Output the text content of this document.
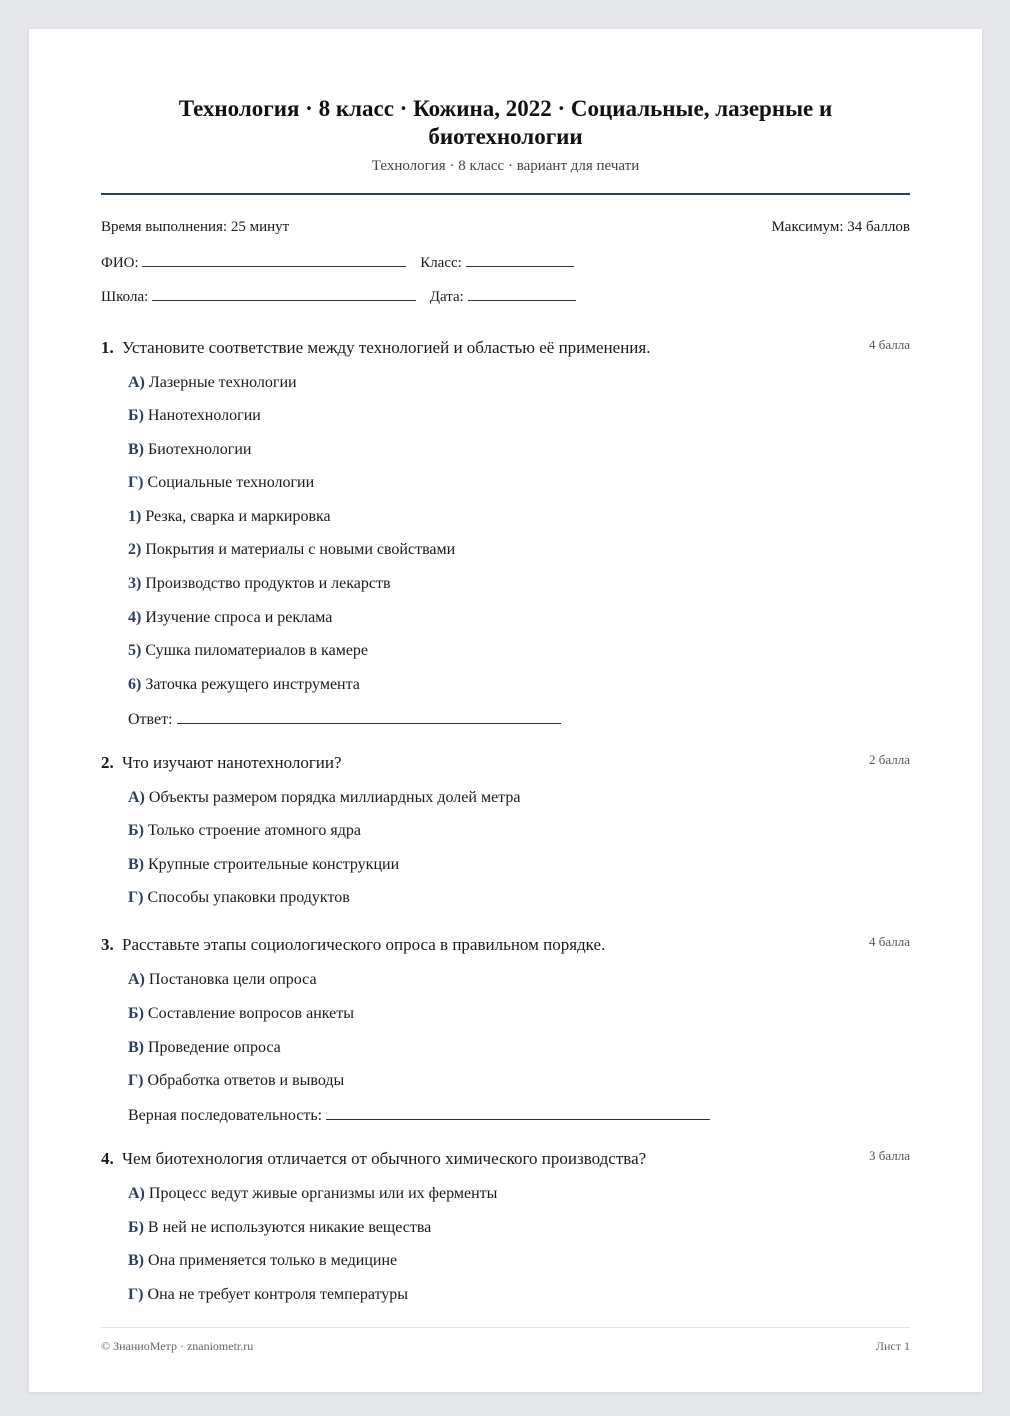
Технология · 8 класс · Кожина, 2022 · Социальные, лазерные и биотехнологии
Технология · 8 класс · вариант для печати
Время выполнения: 25 минут	Максимум: 34 баллов
ФИО:	Класс:
Школа:	Дата:
1. Установите соответствие между технологией и областью её применения.	4 балла
А) Лазерные технологии
Б) Нанотехнологии
В) Биотехнологии
Г) Социальные технологии
1) Резка, сварка и маркировка
2) Покрытия и материалы с новыми свойствами
3) Производство продуктов и лекарств
4) Изучение спроса и реклама
5) Сушка пиломатериалов в камере
6) Заточка режущего инструмента
Ответ:
2. Что изучают нанотехнологии?	2 балла
А) Объекты размером порядка миллиардных долей метра
Б) Только строение атомного ядра
В) Крупные строительные конструкции
Г) Способы упаковки продуктов
3. Расставьте этапы социологического опроса в правильном порядке.	4 балла
А) Постановка цели опроса
Б) Составление вопросов анкеты
В) Проведение опроса
Г) Обработка ответов и выводы
Верная последовательность:
4. Чем биотехнология отличается от обычного химического производства?	3 балла
А) Процесс ведут живые организмы или их ферменты
Б) В ней не используются никакие вещества
В) Она применяется только в медицине
Г) Она не требует контроля температуры
© ЗнаниоМетр · znaniometr.ru	Лист 1
